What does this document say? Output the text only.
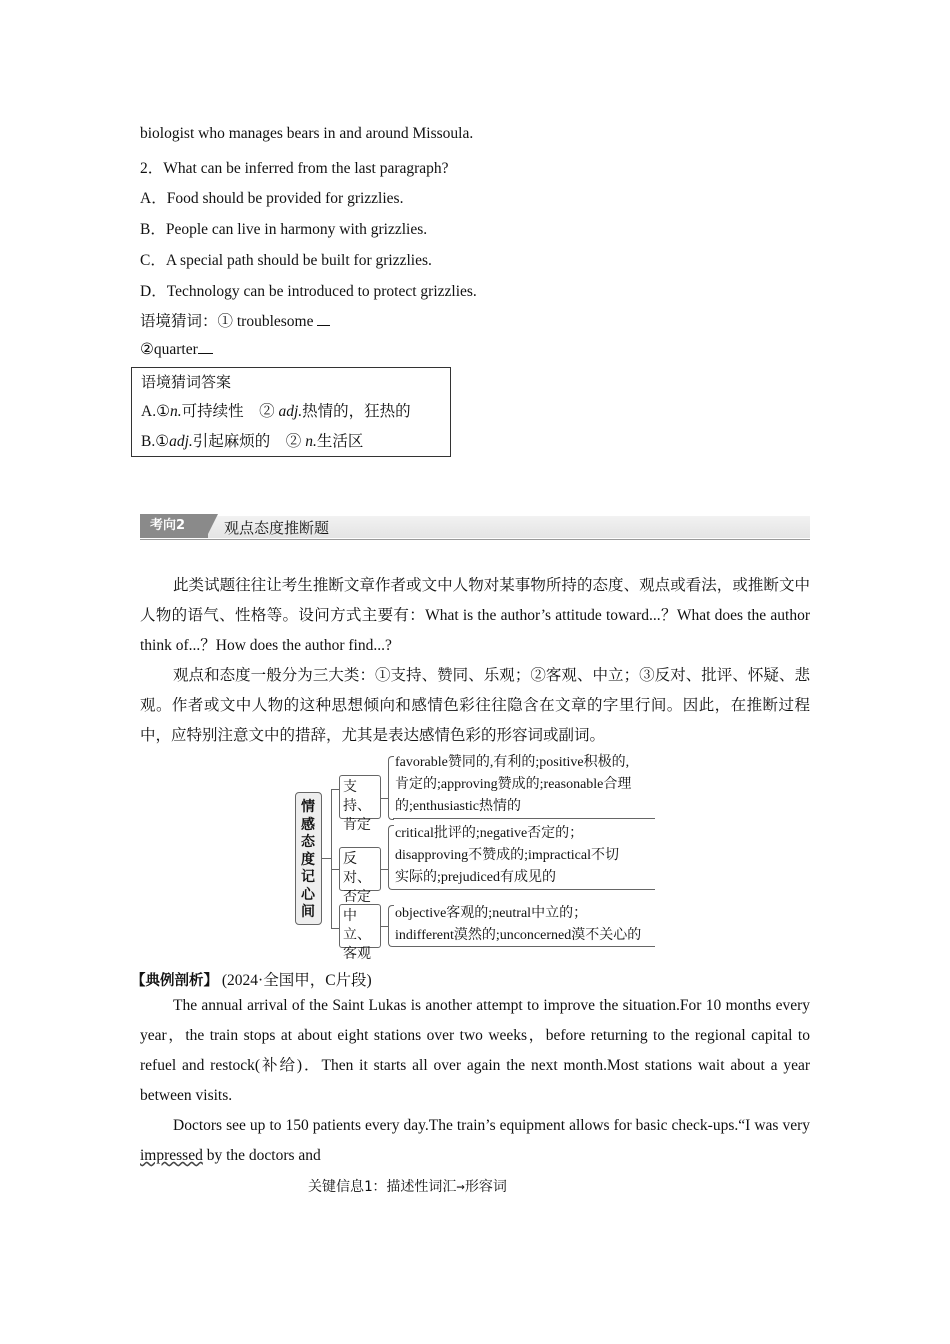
biologist who manages bears in and around Missoula.
2．What can be inferred from the last paragraph?
A．Food should be provided for grizzlies.
B．People can live in harmony with grizzlies.
C．A special path should be built for grizzlies.
D．Technology can be introduced to protect grizzlies.
语境猜词：① troublesome
②quarter
语境猜词答案
A.①n.可持续性　② adj.热情的，狂热的
B.①adj.引起麻烦的　② n.生活区
考向2	观点态度推断题

此类试题往往让考生推断文章作者或文中人物对某事物所持的态度、观点或看法，或推断文中人物的语气、性格等。设问方式主要有：What is the author’s attitude toward...？What does the author think of...？How does the author find...?

观点和态度一般分为三大类：①支持、赞同、乐观；②客观、中立；③反对、批评、怀疑、悲观。作者或文中人物的这种思想倾向和感情色彩往往隐含在文章的字里行间。因此，在推断过程中，应特别注意文中的措辞，尤其是表达感情色彩的形容词或副词。

情感态度记心间
支持、肯定
favorable赞同的,有利的;positive积极的,
肯定的;approving赞成的;reasonable合理
的;enthusiastic热情的
反对、否定
critical批评的;negative否定的；
disapproving不赞成的;impractical不切
实际的;prejudiced有成见的
中立、客观
objective客观的;neutral中立的；
indifferent漠然的;unconcerned漠不关心的
【典例剖析】 (2024·全国甲，C片段)

The annual arrival of the Saint Lukas is another attempt to improve the situation.For 10 months every year，the train stops at about eight stations over two weeks，before returning to the regional capital to refuel and restock(补给)．Then it starts all over again the next month.Most stations wait about a year between visits.

Doctors see up to 150 patients every day.The train’s equipment allows for basic check-ups.“I was very impressed by the doctors and

关键信息1：描述性词汇→形容词
